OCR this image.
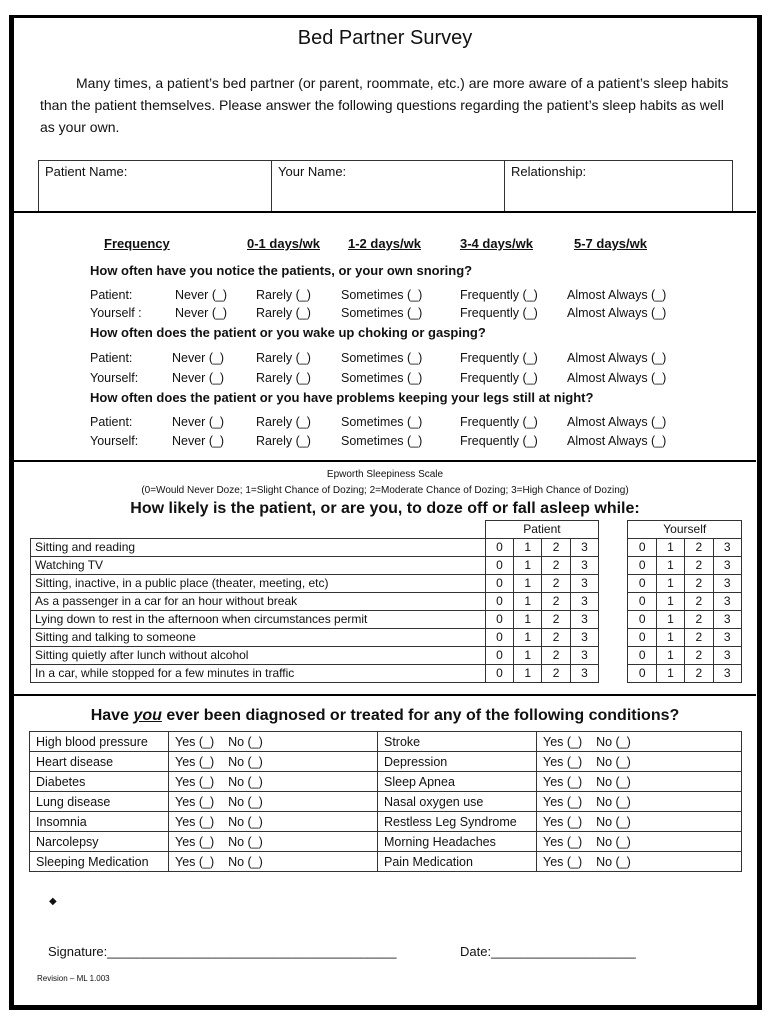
Bed Partner Survey
Many times, a patient’s bed partner (or parent, roommate, etc.) are more aware of a patient’s sleep habits than the patient themselves. Please answer the following questions regarding the patient’s sleep habits as well as your own.
Patient Name:	Your Name:	Relationship:
Frequency	0-1 days/wk 1-2 days/wk	3-4 days/wk	5-7 days/wk
How often have you notice the patients, or your own snoring?
Patient:	Never (_) Rarely (_) Sometimes (_)	Frequently (_) Almost Always (_)
Yourself :	Never (_) Rarely (_) Sometimes (_)	Frequently (_) Almost Always (_)
How often does the patient or you wake up choking or gasping?
Patient:	Never (_)	Rarely (_) Sometimes (_)	Frequently (_) Almost Always (_)
Yourself:	Never (_)	Rarely (_) Sometimes (_)	Frequently (_) Almost Always (_)
How often does the patient or you have problems keeping your legs still at night?
Patient:	Never (_)	Rarely (_) Sometimes (_)	Frequently (_) Almost Always (_)
Yourself:	Never (_)	Rarely (_) Sometimes (_)	Frequently (_) Almost Always (_)
Epworth Sleepiness Scale
(0=Would Never Doze; 1=Slight Chance of Dozing; 2=Moderate Chance of Dozing; 3=High Chance of Dozing)
How likely is the patient, or are you, to doze off or fall asleep while:
	Patient					Yourself			
Sitting and reading	0	1	2	3		0	1	2	3
Watching TV	0	1	2	3		0	1	2	3
Sitting, inactive, in a public place (theater, meeting, etc)	0	1	2	3		0	1	2	3
As a passenger in a car for an hour without break	0	1	2	3		0	1	2	3
Lying down to rest in the afternoon when circumstances permit	0	1	2	3		0	1	2	3
Sitting and talking to someone	0	1	2	3		0	1	2	3
Sitting quietly after lunch without alcohol	0	1	2	3		0	1	2	3
In a car, while stopped for a few minutes in traffic	0	1	2	3		0	1	2	3
Have you ever been diagnosed or treated for any of the following conditions?
High blood pressure	Yes (_) No (_)	Stroke	Yes (_) No (_)
Heart disease	Yes (_) No (_)	Depression	Yes (_) No (_)
Diabetes	Yes (_) No (_)	Sleep Apnea	Yes (_) No (_)
Lung disease	Yes (_) No (_)	Nasal oxygen use	Yes (_) No (_)
Insomnia	Yes (_) No (_)	Restless Leg Syndrome	Yes (_) No (_)
Narcolepsy	Yes (_) No (_)	Morning Headaches	Yes (_) No (_)
Sleeping Medication	Yes (_) No (_)	Pain Medication	Yes (_) No (_)
◆
Signature:________________________________________	Date:____________________
Revision – ML 1.003
